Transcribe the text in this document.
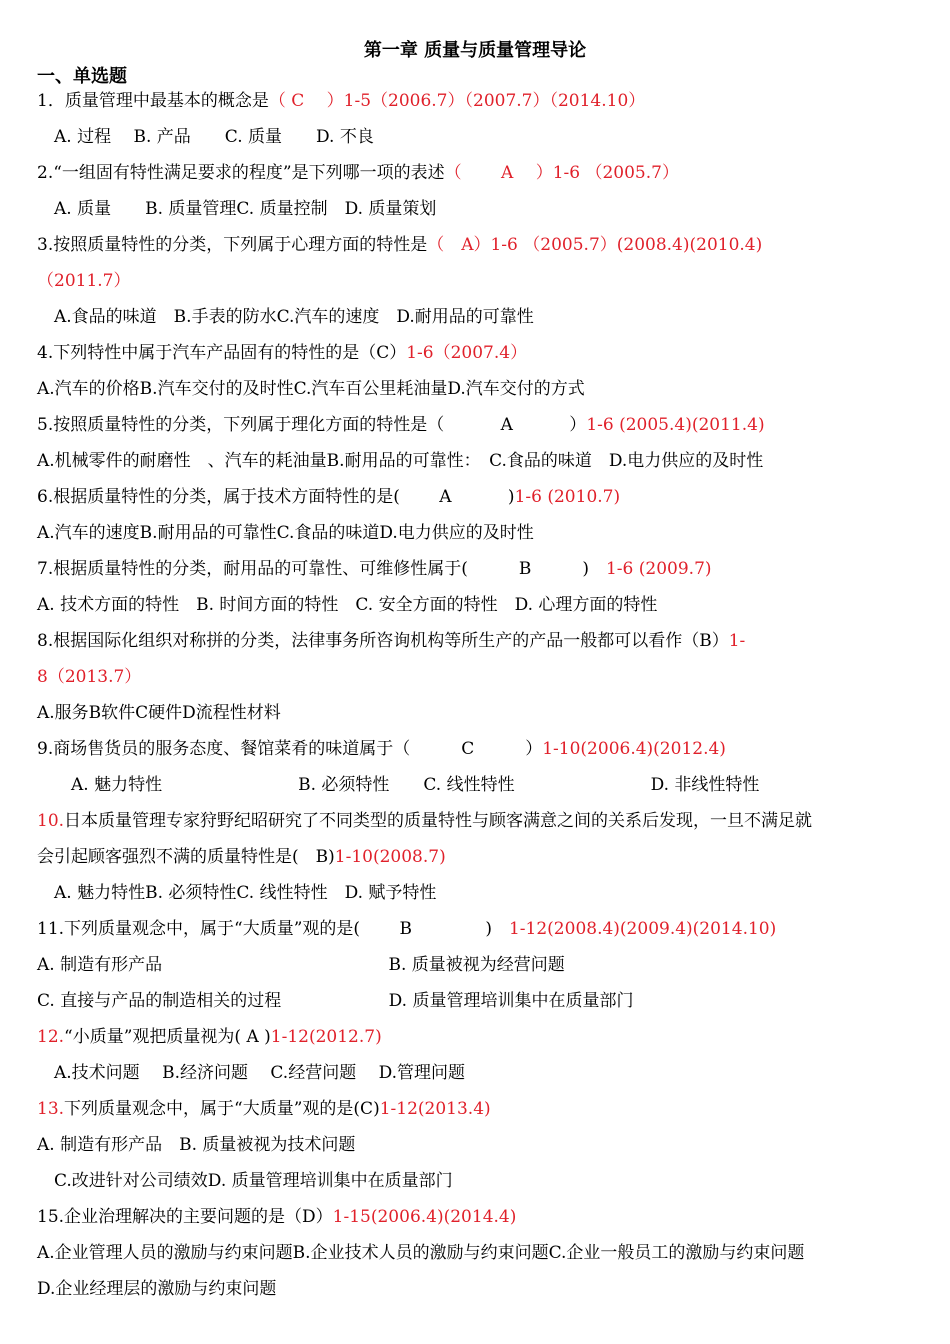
第一章 质量与质量管理导论
一、单选题
1．质量管理中最基本的概念是（ C　 ）1-5（2006.7）（2007.7）（2014.10）
　A. 过程　 B. 产品　　C. 质量　　D. 不良
2.“一组固有特性满足要求的程度”是下列哪一项的表述（　　 A　 ）1-6 （2005.7）
　A. 质量　　B. 质量管理C. 质量控制　D. 质量策划
3.按照质量特性的分类，下列属于心理方面的特性是（　A）1-6 （2005.7）(2008.4)(2010.4)
（2011.7）
　A.食品的味道　B.手表的防水C.汽车的速度　D.耐用品的可靠性
4.下列特性中属于汽车产品固有的特性的是（C）1-6（2007.4）
A.汽车的价格B.汽车交付的及时性C.汽车百公里耗油量D.汽车交付的方式
5.按照质量特性的分类，下列属于理化方面的特性是（　　　 A　　　 ）1-6 (2005.4)(2011.4)
A.机械零件的耐磨性　、汽车的耗油量B.耐用品的可靠性：　C.食品的味道　D.电力供应的及时性
6.根据质量特性的分类，属于技术方面特性的是(　　 A　　　 )1-6 (2010.7)
A.汽车的速度B.耐用品的可靠性C.食品的味道D.电力供应的及时性
7.根据质量特性的分类，耐用品的可靠性、可维修性属于(　　　B　　　)　1-6 (2009.7)
A. 技术方面的特性　B. 时间方面的特性　C. 安全方面的特性　D. 心理方面的特性
8.根据国际化组织对称拼的分类，法律事务所咨询机构等所生产的产品一般都可以看作（B）1-
8（2013.7）
A.服务B软件C硬件D流程性材料
9.商场售货员的服务态度、餐馆菜肴的味道属于（　　　C　　　）1-10(2006.4)(2012.4)
　　A. 魅力特性　　　　　　　　B. 必须特性　　C. 线性特性　　　　　　　　D. 非线性特性
10.日本质量管理专家狩野纪昭研究了不同类型的质量特性与顾客满意之间的关系后发现，一旦不满足就
会引起顾客强烈不满的质量特性是(　B)1-10(2008.7)
　A. 魅力特性B. 必须特性C. 线性特性　D. 赋予特性
11.下列质量观念中，属于“大质量”观的是(　　 B　　　　 )　1-12(2008.4)(2009.4)(2014.10)
A. 制造有形产品　　　　　　　　　　　　　 B. 质量被视为经营问题
C. 直接与产品的制造相关的过程　　　　　　 D. 质量管理培训集中在质量部门
12.“小质量”观把质量视为( A )1-12(2012.7)
　A.技术问题　 B.经济问题　 C.经营问题　 D.管理问题
13.下列质量观念中，属于“大质量”观的是(C)1-12(2013.4)
A. 制造有形产品　B. 质量被视为技术问题
　C.改进针对公司绩效D. 质量管理培训集中在质量部门
15.企业治理解决的主要问题的是（D）1-15(2006.4)(2014.4)
A.企业管理人员的激励与约束问题B.企业技术人员的激励与约束问题C.企业一般员工的激励与约束问题
D.企业经理层的激励与约束问题
